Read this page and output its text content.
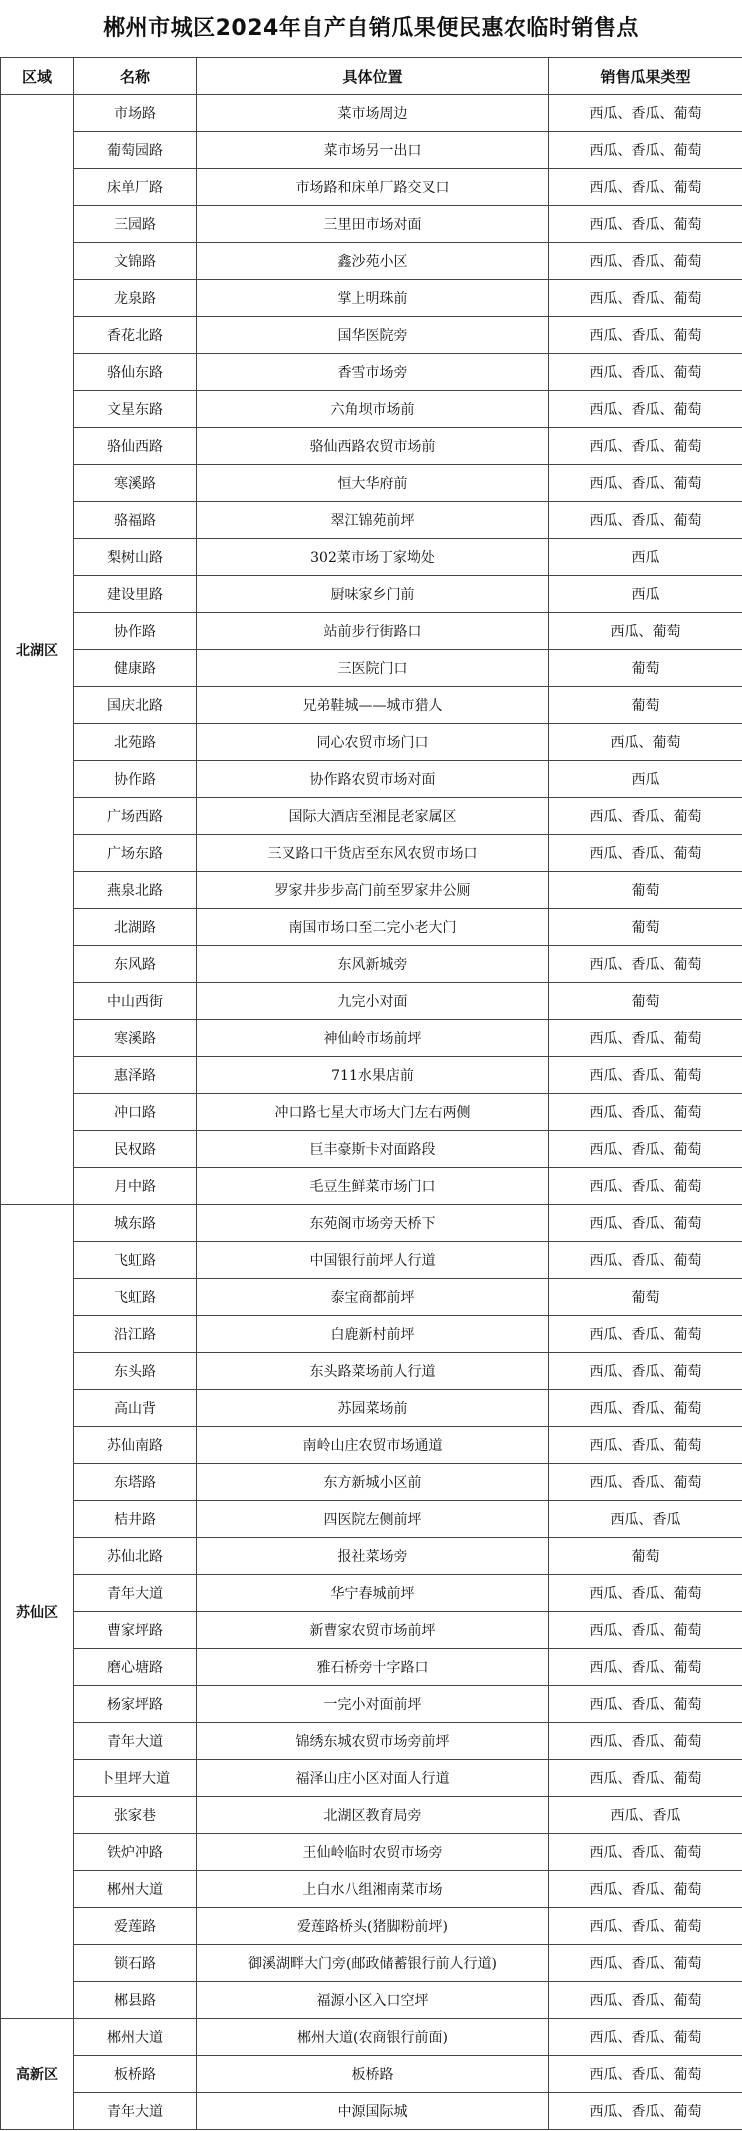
郴州市城区2024年自产自销瓜果便民惠农临时销售点
区域	名称	具体位置	销售瓜果类型
北湖区	市场路	菜市场周边	西瓜、香瓜、葡萄
	葡萄园路	菜市场另一出口	西瓜、香瓜、葡萄
	床单厂路	市场路和床单厂路交叉口	西瓜、香瓜、葡萄
	三园路	三里田市场对面	西瓜、香瓜、葡萄
	文锦路	鑫沙苑小区	西瓜、香瓜、葡萄
	龙泉路	掌上明珠前	西瓜、香瓜、葡萄
	香花北路	国华医院旁	西瓜、香瓜、葡萄
	骆仙东路	香雪市场旁	西瓜、香瓜、葡萄
	文星东路	六角坝市场前	西瓜、香瓜、葡萄
	骆仙西路	骆仙西路农贸市场前	西瓜、香瓜、葡萄
	寒溪路	恒大华府前	西瓜、香瓜、葡萄
	骆福路	翠江锦苑前坪	西瓜、香瓜、葡萄
	梨树山路	302菜市场丁家坳处	西瓜
	建设里路	厨味家乡门前	西瓜
	协作路	站前步行街路口	西瓜、葡萄
	健康路	三医院门口	葡萄
	国庆北路	兄弟鞋城——城市猎人	葡萄
	北苑路	同心农贸市场门口	西瓜、葡萄
	协作路	协作路农贸市场对面	西瓜
	广场西路	国际大酒店至湘昆老家属区	西瓜、香瓜、葡萄
	广场东路	三叉路口干货店至东风农贸市场口	西瓜、香瓜、葡萄
	燕泉北路	罗家井步步高门前至罗家井公厕	葡萄
	北湖路	南国市场口至二完小老大门	葡萄
	东风路	东风新城旁	西瓜、香瓜、葡萄
	中山西街	九完小对面	葡萄
	寒溪路	神仙岭市场前坪	西瓜、香瓜、葡萄
	惠泽路	711水果店前	西瓜、香瓜、葡萄
	冲口路	冲口路七星大市场大门左右两侧	西瓜、香瓜、葡萄
	民权路	巨丰豪斯卡对面路段	西瓜、香瓜、葡萄
	月中路	毛豆生鲜菜市场门口	西瓜、香瓜、葡萄
苏仙区	城东路	东苑阁市场旁天桥下	西瓜、香瓜、葡萄
	飞虹路	中国银行前坪人行道	西瓜、香瓜、葡萄
	飞虹路	泰宝商都前坪	葡萄
	沿江路	白鹿新村前坪	西瓜、香瓜、葡萄
	东头路	东头路菜场前人行道	西瓜、香瓜、葡萄
	高山背	苏园菜场前	西瓜、香瓜、葡萄
	苏仙南路	南岭山庄农贸市场通道	西瓜、香瓜、葡萄
	东塔路	东方新城小区前	西瓜、香瓜、葡萄
	桔井路	四医院左侧前坪	西瓜、香瓜
	苏仙北路	报社菜场旁	葡萄
	青年大道	华宁春城前坪	西瓜、香瓜、葡萄
	曹家坪路	新曹家农贸市场前坪	西瓜、香瓜、葡萄
	磨心塘路	雅石桥旁十字路口	西瓜、香瓜、葡萄
	杨家坪路	一完小对面前坪	西瓜、香瓜、葡萄
	青年大道	锦绣东城农贸市场旁前坪	西瓜、香瓜、葡萄
	卜里坪大道	福泽山庄小区对面人行道	西瓜、香瓜、葡萄
	张家巷	北湖区教育局旁	西瓜、香瓜
	铁炉冲路	王仙岭临时农贸市场旁	西瓜、香瓜、葡萄
	郴州大道	上白水八组湘南菜市场	西瓜、香瓜、葡萄
	爱莲路	爱莲路桥头(猪脚粉前坪)	西瓜、香瓜、葡萄
	锁石路	御溪湖畔大门旁(邮政储蓄银行前人行道)	西瓜、香瓜、葡萄
	郴县路	福源小区入口空坪	西瓜、香瓜、葡萄
高新区	郴州大道	郴州大道(农商银行前面)	西瓜、香瓜、葡萄
	板桥路	板桥路	西瓜、香瓜、葡萄
	青年大道	中源国际城	西瓜、香瓜、葡萄
